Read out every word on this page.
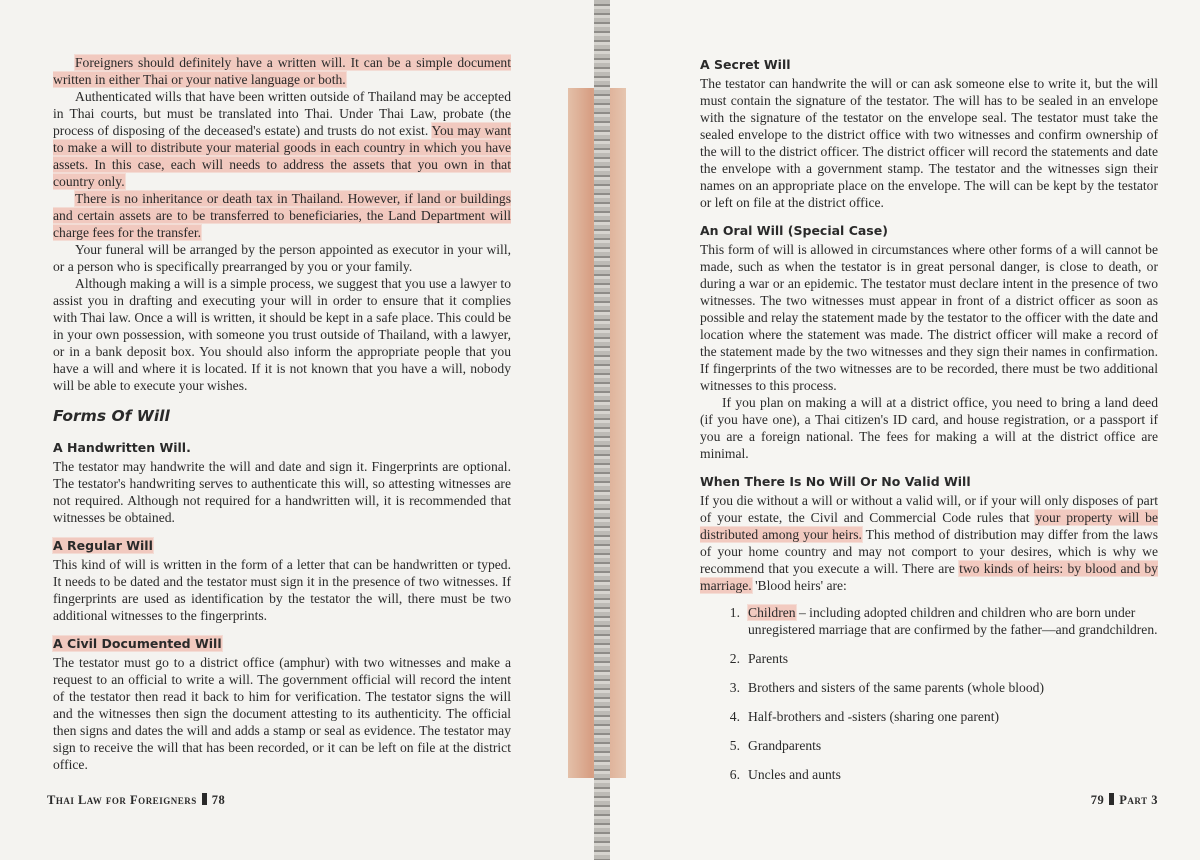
Foreigners should definitely have a written will. It can be a simple document written in either Thai or your native language or both.

Authenticated wills that have been written outside of Thailand may be accepted in Thai courts, but must be translated into Thai. Under Thai Law, probate (the process of disposing of the deceased's estate) and trusts do not exist. You may want to make a will to distribute your material goods in each country in which you have assets. In this case, each will needs to address the assets that you own in that country only.

There is no inheritance or death tax in Thailand. However, if land or buildings and certain assets are to be transferred to beneficiaries, the Land Department will charge fees for the transfer.

Your funeral will be arranged by the person appointed as executor in your will, or a person who is specifically prearranged by you or your family.

Although making a will is a simple process, we suggest that you use a lawyer to assist you in drafting and executing your will in order to ensure that it complies with Thai law. Once a will is written, it should be kept in a safe place. This could be in your own possession, with someone you trust outside of Thailand, with a lawyer, or in a bank deposit box. You should also inform the appropriate people that you have a will and where it is located. If it is not known that you have a will, nobody will be able to execute your wishes.

Forms Of Will
A Handwritten Will.

The testator may handwrite the will and date and sign it. Fingerprints are optional. The testator's handwriting serves to authenticate this will, so attesting witnesses are not required. Although not required for a handwritten will, it is recommended that witnesses be obtained.

A Regular Will

This kind of will is written in the form of a letter that can be handwritten or typed. It needs to be dated and the testator must sign it in the presence of two witnesses. If fingerprints are used as identification by the testator the will, there must be two additional witnesses to the fingerprints.

A Civil Documented Will

The testator must go to a district office (amphur) with two witnesses and make a request to an official to write a will. The government official will record the intent of the testator then read it back to him for verification. The testator signs the will and the witnesses then sign the document attesting to its authenticity. The official then signs and dates the will and adds a stamp or seal as evidence. The testator may sign to receive the will that has been recorded, or it can be left on file at the district office.

Thai Law for Foreigners 78
A Secret Will

The testator can handwrite the will or can ask someone else to write it, but the will must contain the signature of the testator. The will has to be sealed in an envelope with the signature of the testator on the envelope seal. The testator must take the sealed envelope to the district office with two witnesses and confirm ownership of the will to the district officer. The district officer will record the statements and date the envelope with a government stamp. The testator and the witnesses sign their names on an appropriate place on the envelope. The will can be kept by the testator or left on file at the district office.

An Oral Will (Special Case)

This form of will is allowed in circumstances where other forms of a will cannot be made, such as when the testator is in great personal danger, is close to death, or during a war or an epidemic. The testator must declare intent in the presence of two witnesses. The two witnesses must appear in front of a district officer as soon as possible and relay the statement made by the testator to the officer with the date and location where the statement was made. The district officer will make a record of the statement made by the two witnesses and they sign their names in confirmation. If fingerprints of the two witnesses are to be recorded, there must be two additional witnesses to this process.

If you plan on making a will at a district office, you need to bring a land deed (if you have one), a Thai citizen's ID card, and house registration, or a passport if you are a foreign national. The fees for making a will at the district office are minimal.

When There Is No Will Or No Valid Will

If you die without a will or without a valid will, or if your will only disposes of part of your estate, the Civil and Commercial Code rules that your property will be distributed among your heirs. This method of distribution may differ from the laws of your home country and may not comport to your desires, which is why we recommend that you execute a will. There are two kinds of heirs: by blood and by marriage. 'Blood heirs' are:

1. Children – including adopted children and children who are born under unregistered marriage that are confirmed by the father—and grandchildren.
2. Parents
3. Brothers and sisters of the same parents (whole blood)
4. Half-brothers and -sisters (sharing one parent)
5. Grandparents
6. Uncles and aunts
79 Part 3
